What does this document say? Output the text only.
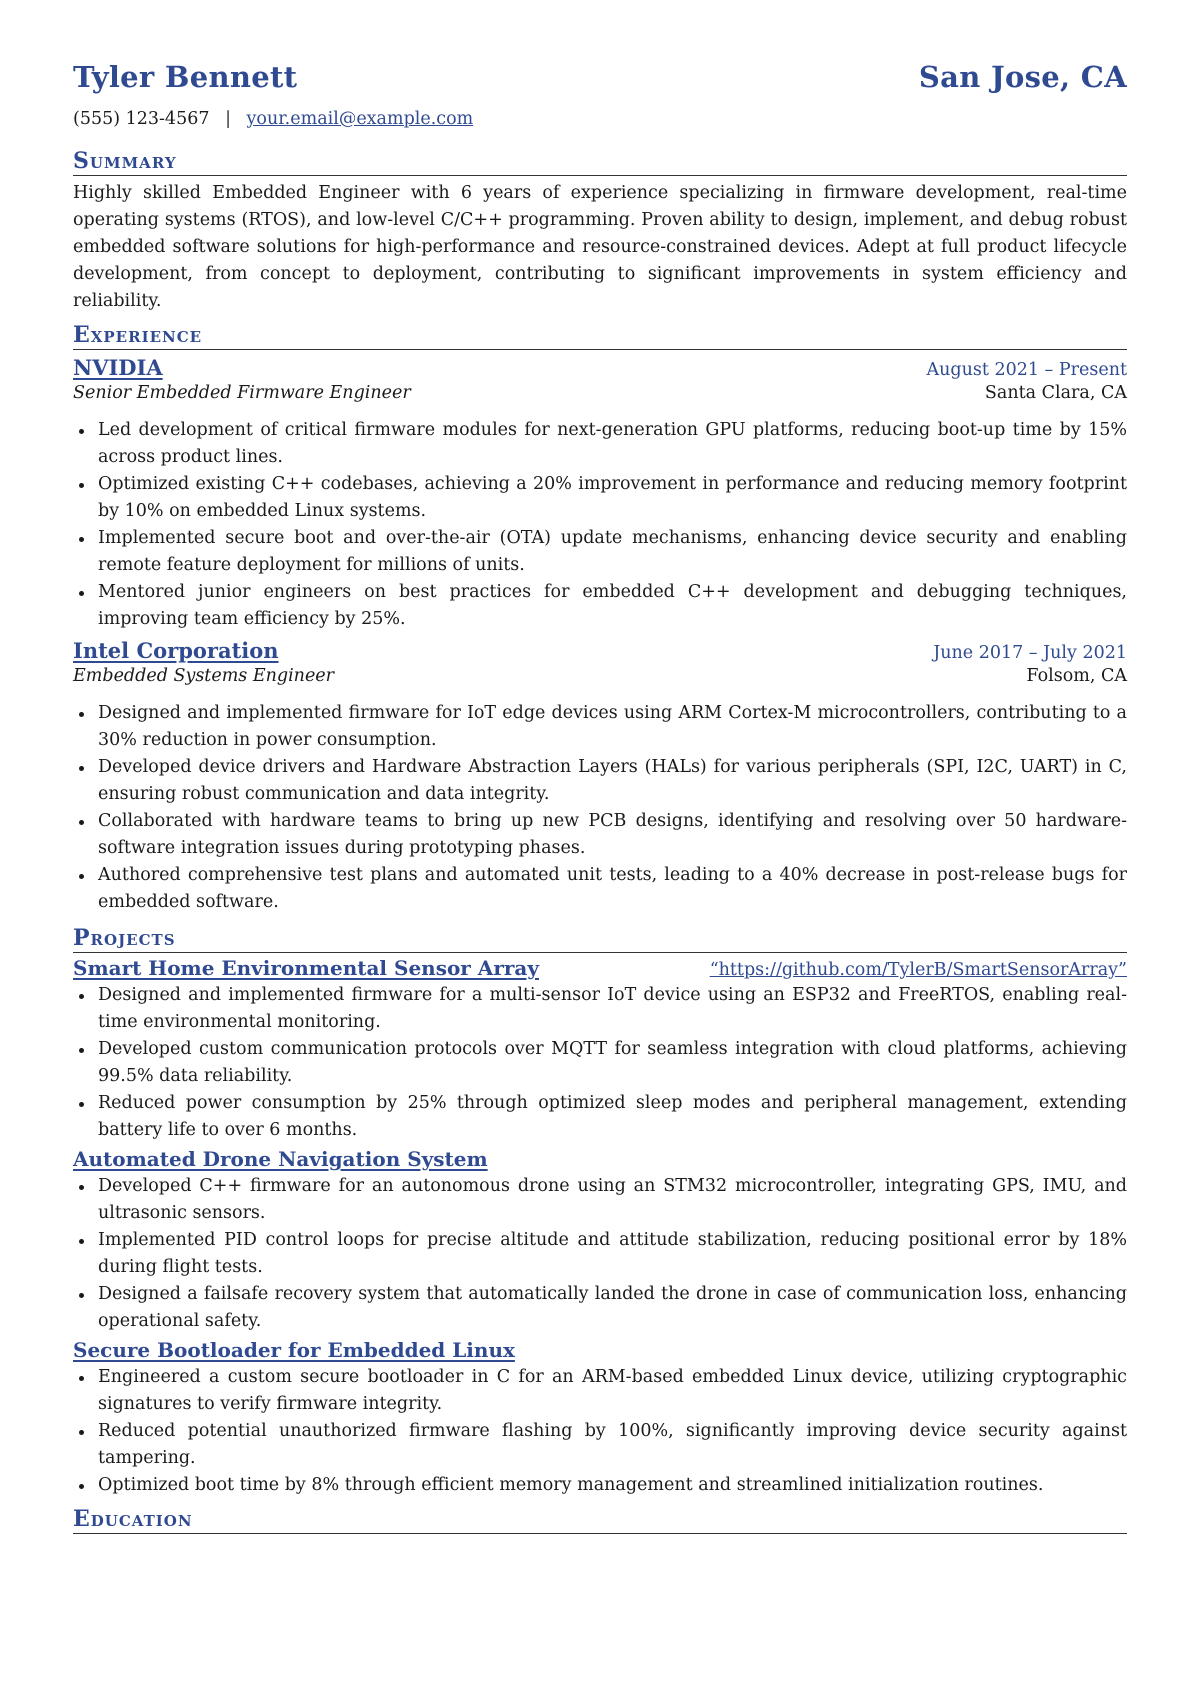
Tyler Bennett	San Jose, CA
(555) 123-4567 | your.email@example.com
Summary
Highly skilled Embedded Engineer with 6 years of experience specializing in firmware development, real-time operating systems (RTOS), and low-level C/C++ programming. Proven ability to design, implement, and debug robust embedded software solutions for high-performance and resource-constrained devices. Adept at full product lifecycle development, from concept to deployment, contributing to significant improvements in system efficiency and reliability.
Experience
NVIDIA	August 2021 – Present
Senior Embedded Firmware Engineer	Santa Clara, CA
Led development of critical firmware modules for next-generation GPU platforms, reducing boot-up time by 15% across product lines.
Optimized existing C++ codebases, achieving a 20% improvement in performance and reducing memory footprint by 10% on embedded Linux systems.
Implemented secure boot and over-the-air (OTA) update mechanisms, enhancing device security and enabling remote feature deployment for millions of units.
Mentored junior engineers on best practices for embedded C++ development and debugging techniques, improving team efficiency by 25%.
Intel Corporation	June 2017 – July 2021
Embedded Systems Engineer	Folsom, CA
Designed and implemented firmware for IoT edge devices using ARM Cortex-M microcontrollers, contributing to a 30% reduction in power consumption.
Developed device drivers and Hardware Abstraction Layers (HALs) for various peripherals (SPI, I2C, UART) in C, ensuring robust communication and data integrity.
Collaborated with hardware teams to bring up new PCB designs, identifying and resolving over 50 hardware-software integration issues during prototyping phases.
Authored comprehensive test plans and automated unit tests, leading to a 40% decrease in post-release bugs for embedded software.
Projects
Smart Home Environmental Sensor Array	“https://github.com/TylerB/SmartSensorArray”
Designed and implemented firmware for a multi-sensor IoT device using an ESP32 and FreeRTOS, enabling real-time environmental monitoring.
Developed custom communication protocols over MQTT for seamless integration with cloud platforms, achieving 99.5% data reliability.
Reduced power consumption by 25% through optimized sleep modes and peripheral management, extending battery life to over 6 months.
Automated Drone Navigation System
Developed C++ firmware for an autonomous drone using an STM32 microcontroller, integrating GPS, IMU, and ultrasonic sensors.
Implemented PID control loops for precise altitude and attitude stabilization, reducing positional error by 18% during flight tests.
Designed a failsafe recovery system that automatically landed the drone in case of communication loss, enhancing operational safety.
Secure Bootloader for Embedded Linux
Engineered a custom secure bootloader in C for an ARM-based embedded Linux device, utilizing cryptographic signatures to verify firmware integrity.
Reduced potential unauthorized firmware flashing by 100%, significantly improving device security against tampering.
Optimized boot time by 8% through efficient memory management and streamlined initialization routines.
Education
